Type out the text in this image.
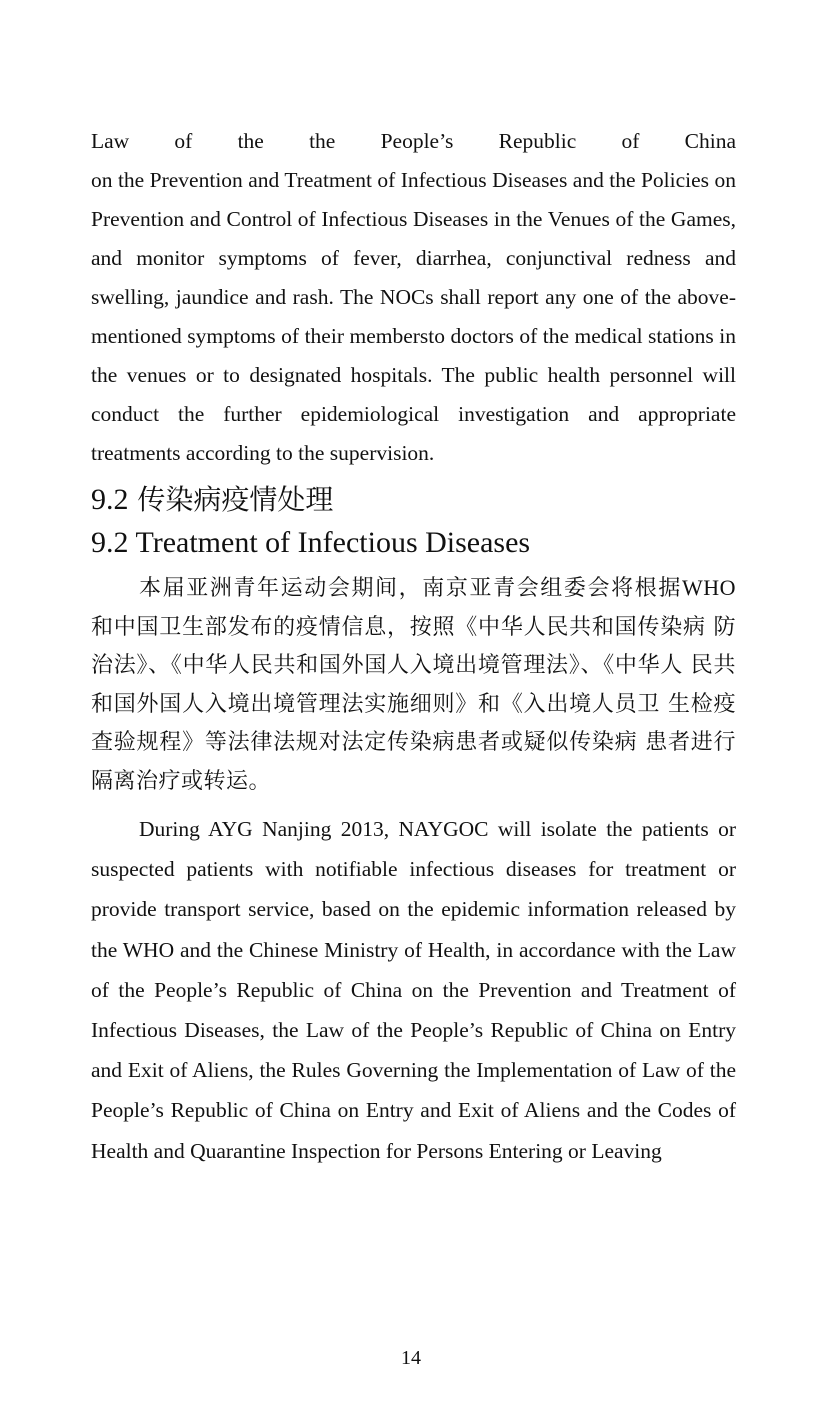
Law of the the People’s Republic of China

on the Prevention and Treatment of Infectious Diseases and the Policies on Prevention and Control of Infectious Diseases in the Venues of the Games, and monitor symptoms of fever, diarrhea, conjunctival redness and swelling, jaundice and rash. The NOCs shall report any one of the above-mentioned symptoms of their membersto doctors of the medical stations in the venues or to designated hospitals. The public health personnel will conduct the further epidemiological investigation and appropriate treatments according to the supervision.

9.2 传染病疫情处理
9.2 Treatment of Infectious Diseases

本届亚洲青年运动会期间，南京亚青会组委会将根据WHO 和中国卫生部发布的疫情信息，按照《中华人民共和国传染病 防治法》、《中华人民共和国外国人入境出境管理法》、《中华人 民共和国外国人入境出境管理法实施细则》和《入出境人员卫 生检疫查验规程》等法律法规对法定传染病患者或疑似传染病 患者进行隔离治疗或转运。

During AYG Nanjing 2013, NAYGOC will isolate the patients or suspected patients with notifiable infectious diseases for treatment or provide transport service, based on the epidemic information released by the WHO and the Chinese Ministry of Health, in accordance with the Law of the People’s Republic of China on the Prevention and Treatment of Infectious Diseases, the Law of the People’s Republic of China on Entry and Exit of Aliens, the Rules Governing the Implementation of Law of the People’s Republic of China on Entry and Exit of Aliens and the Codes of Health and Quarantine Inspection for Persons Entering or Leaving

14
